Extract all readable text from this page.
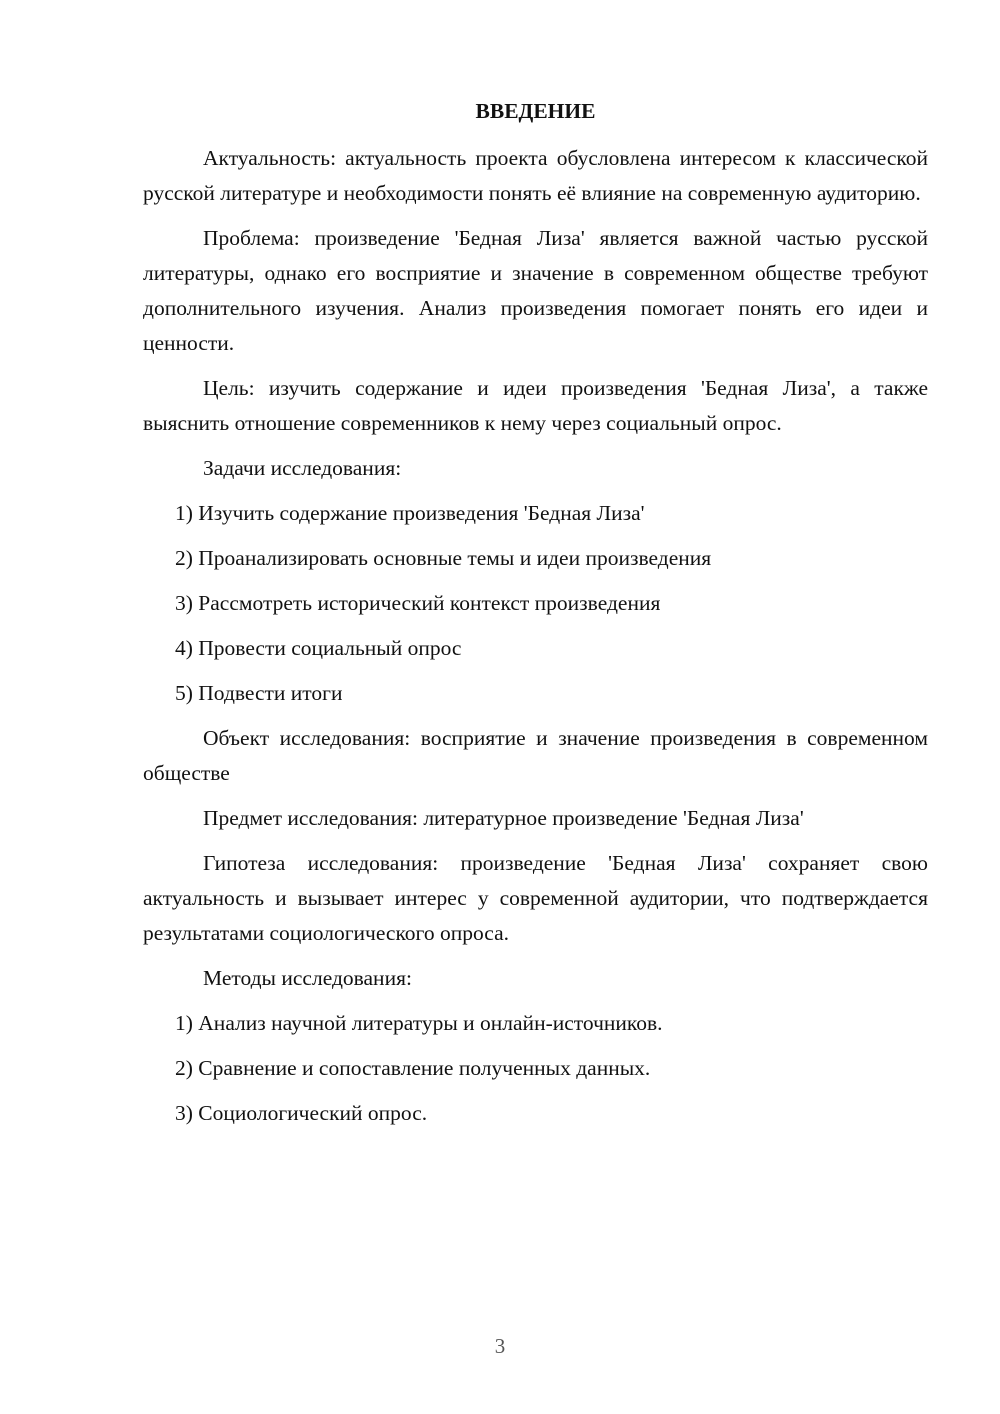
ВВЕДЕНИЕ

Актуальность: актуальность проекта обусловлена интересом к классической русской литературе и необходимости понять её влияние на современную аудиторию.

Проблема: произведение 'Бедная Лиза' является важной частью русской литературы, однако его восприятие и значение в современном обществе требуют дополнительного изучения. Анализ произведения помогает понять его идеи и ценности.

Цель: изучить содержание и идеи произведения 'Бедная Лиза', а также выяснить отношение современников к нему через социальный опрос.

Задачи исследования:

1) Изучить содержание произведения 'Бедная Лиза'
2) Проанализировать основные темы и идеи произведения
3) Рассмотреть исторический контекст произведения
4) Провести социальный опрос
5) Подвести итоги

Объект исследования: восприятие и значение произведения в современном обществе

Предмет исследования: литературное произведение 'Бедная Лиза'

Гипотеза исследования: произведение 'Бедная Лиза' сохраняет свою актуальность и вызывает интерес у современной аудитории, что подтверждается результатами социологического опроса.

Методы исследования:

1) Анализ научной литературы и онлайн-источников.
2) Сравнение и сопоставление полученных данных.
3) Социологический опрос.
3
